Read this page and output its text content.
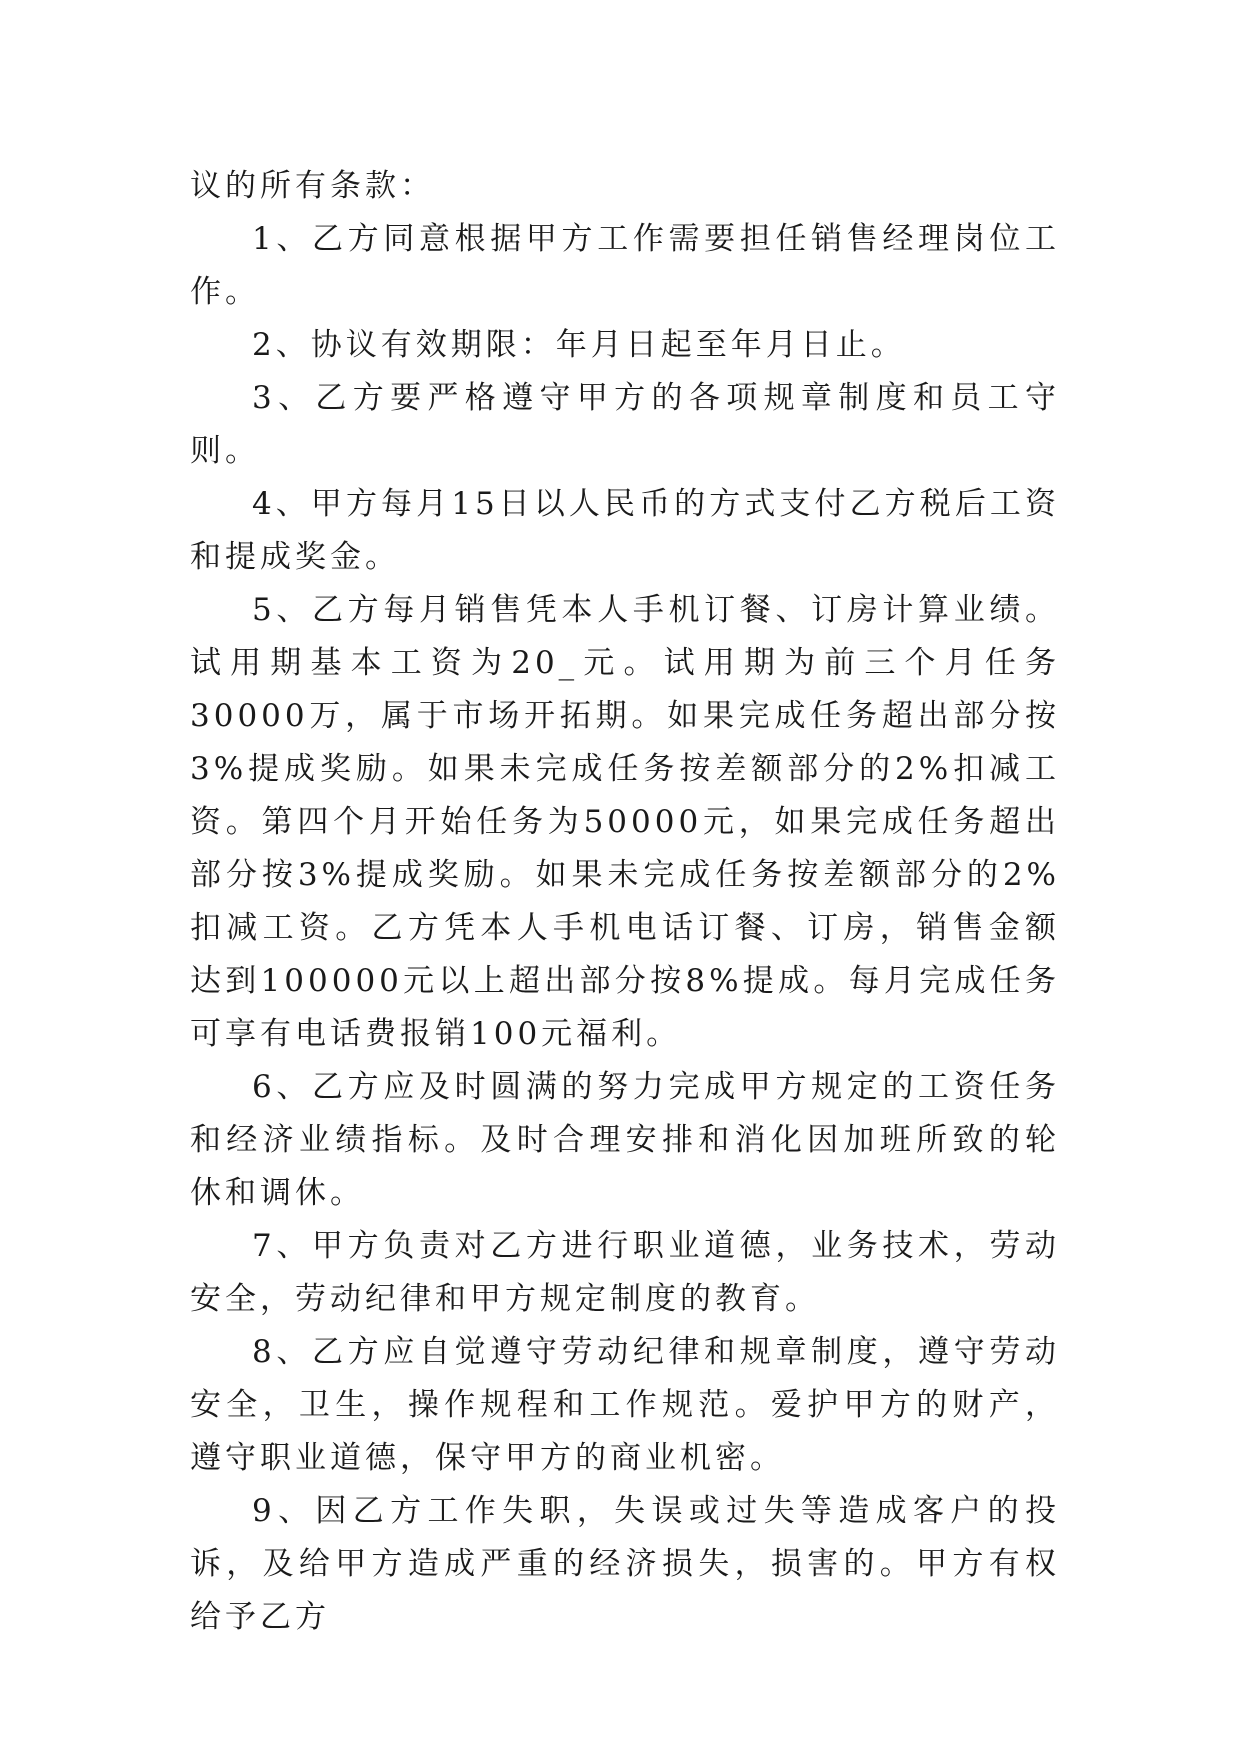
议的所有条款：

1、乙方同意根据甲方工作需要担任销售经理岗位工作。

2、协议有效期限：年月日起至年月日止。

3、乙方要严格遵守甲方的各项规章制度和员工守则。

4、甲方每月15日以人民币的方式支付乙方税后工资和提成奖金。

5、乙方每月销售凭本人手机订餐、订房计算业绩。试用期基本工资为20_元。试用期为前三个月任务30000万，属于市场开拓期。如果完成任务超出部分按3%提成奖励。如果未完成任务按差额部分的2%扣减工资。第四个月开始任务为50000元，如果完成任务超出部分按3%提成奖励。如果未完成任务按差额部分的2%扣减工资。乙方凭本人手机电话订餐、订房，销售金额达到100000元以上超出部分按8%提成。每月完成任务可享有电话费报销100元福利。

6、乙方应及时圆满的努力完成甲方规定的工资任务和经济业绩指标。及时合理安排和消化因加班所致的轮休和调休。

7、甲方负责对乙方进行职业道德，业务技术，劳动安全，劳动纪律和甲方规定制度的教育。

8、乙方应自觉遵守劳动纪律和规章制度，遵守劳动安全，卫生，操作规程和工作规范。爱护甲方的财产，遵守职业道德，保守甲方的商业机密。

9、因乙方工作失职，失误或过失等造成客户的投诉，及给甲方造成严重的经济损失，损害的。甲方有权给予乙方
